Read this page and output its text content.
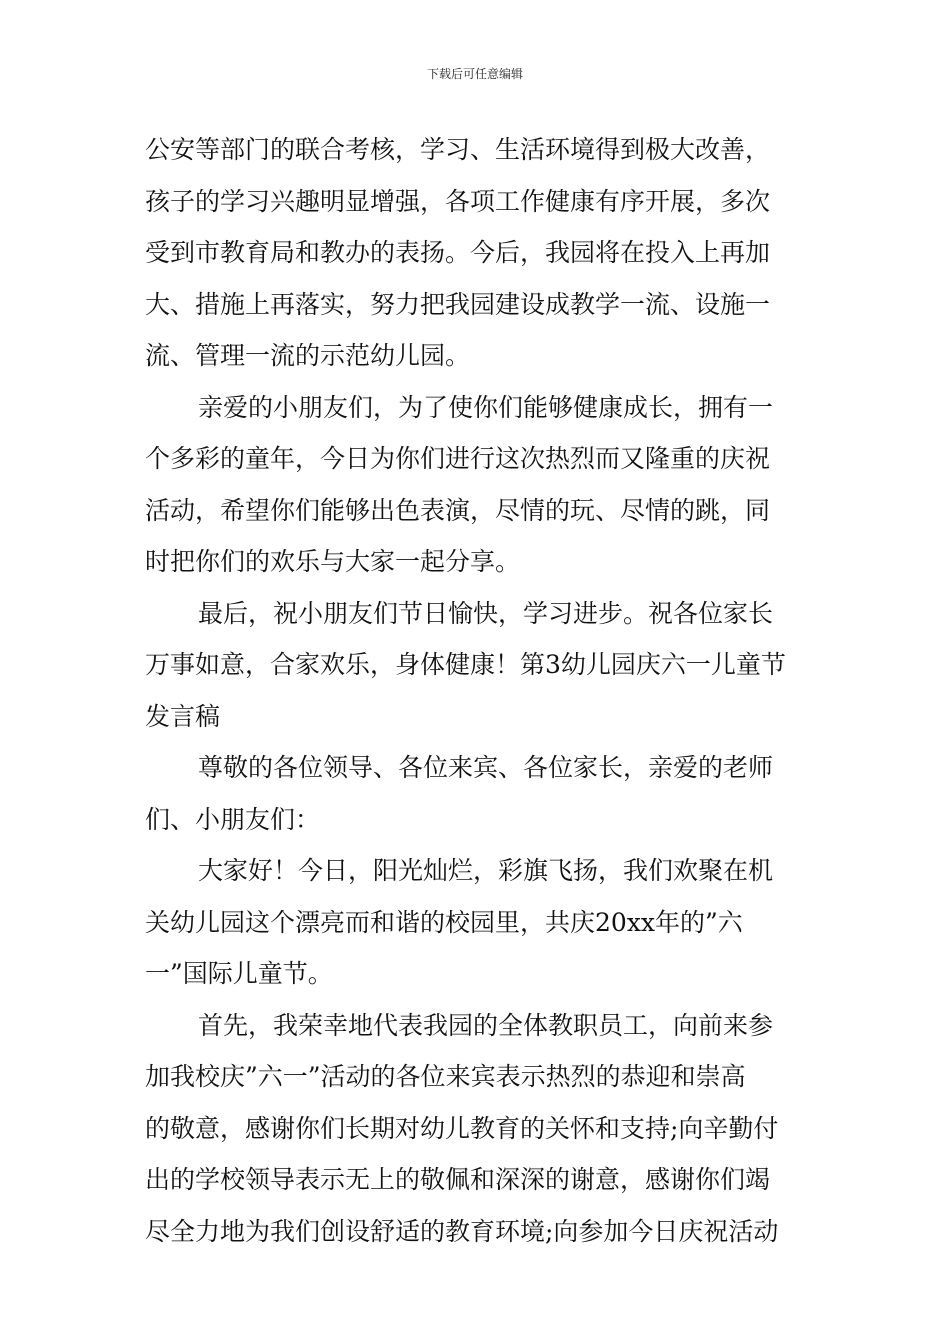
下载后可任意编辑
公安等部门的联合考核，学习、生活环境得到极大改善，
孩子的学习兴趣明显增强，各项工作健康有序开展，多次
受到市教育局和教办的表扬。今后，我园将在投入上再加
大、措施上再落实，努力把我园建设成教学一流、设施一
流、管理一流的示范幼儿园。
亲爱的小朋友们，为了使你们能够健康成长，拥有一
个多彩的童年，今日为你们进行这次热烈而又隆重的庆祝
活动，希望你们能够出色表演，尽情的玩、尽情的跳，同
时把你们的欢乐与大家一起分享。
最后，祝小朋友们节日愉快，学习进步。祝各位家长
万事如意，合家欢乐，身体健康！第3幼儿园庆六一儿童节
发言稿
尊敬的各位领导、各位来宾、各位家长，亲爱的老师
们、小朋友们：
大家好！今日，阳光灿烂，彩旗飞扬，我们欢聚在机
关幼儿园这个漂亮而和谐的校园里，共庆20xx年的”六
一”国际儿童节。
首先，我荣幸地代表我园的全体教职员工，向前来参
加我校庆”六一”活动的各位来宾表示热烈的恭迎和崇高
的敬意，感谢你们长期对幼儿教育的关怀和支持;向辛勤付
出的学校领导表示无上的敬佩和深深的谢意，感谢你们竭
尽全力地为我们创设舒适的教育环境;向参加今日庆祝活动
